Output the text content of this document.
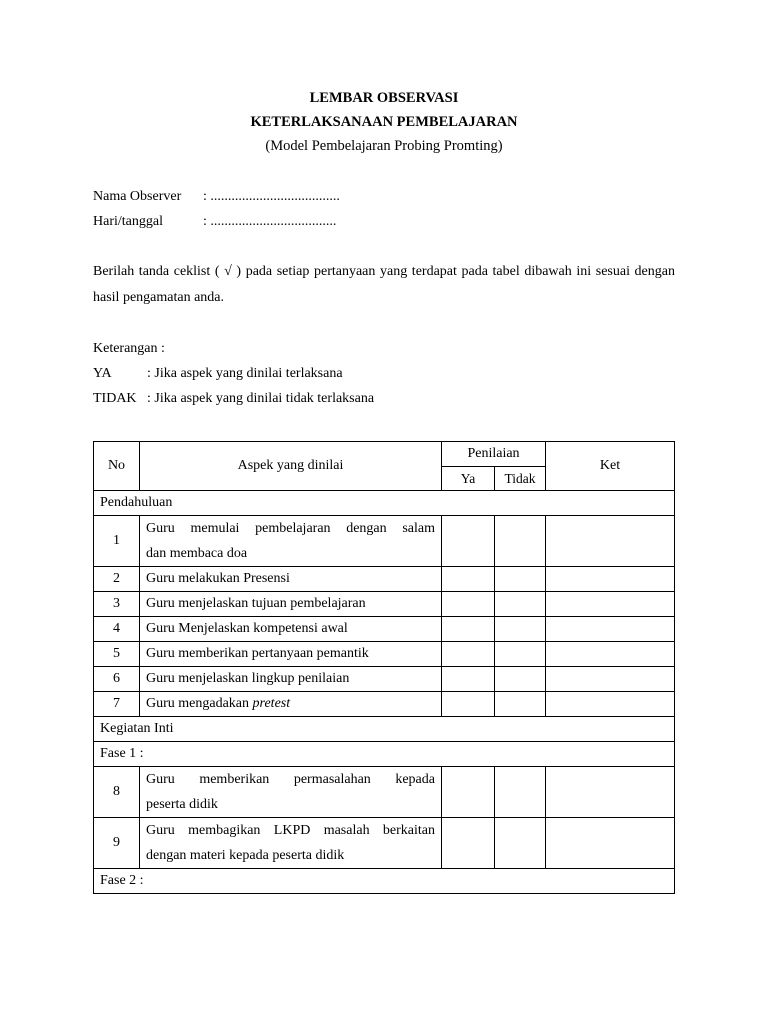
LEMBAR OBSERVASI
KETERLAKSANAAN PEMBELAJARAN
(Model Pembelajaran Probing Promting)
Nama Observer : .....................................
Hari/tanggal	: ....................................
Berilah tanda ceklist ( √ ) pada setiap pertanyaan yang terdapat pada tabel dibawah ini sesuai dengan hasil pengamatan anda.
Keterangan :
YA	: Jika aspek yang dinilai terlaksana
TIDAK : Jika aspek yang dinilai tidak terlaksana
No	Aspek yang dinilai	Penilaian		Ket
		Ya	Tidak	
Pendahuluan				
1	Guru memulai pembelajaran dengan salam
dan membaca doa			

2	Guru melakukan Presensi			
3	Guru menjelaskan tujuan pembelajaran			
4	Guru Menjelaskan kompetensi awal			
5	Guru memberikan pertanyaan pemantik			
6	Guru menjelaskan lingkup penilaian			
7	Guru mengadakan pretest			
Kegiatan Inti				
Fase 1 :				
8	Guru memberikan permasalahan kepada
peserta didik			

9	Guru membagikan LKPD masalah berkaitan
dengan materi kepada peserta didik			

Fase 2 :				
